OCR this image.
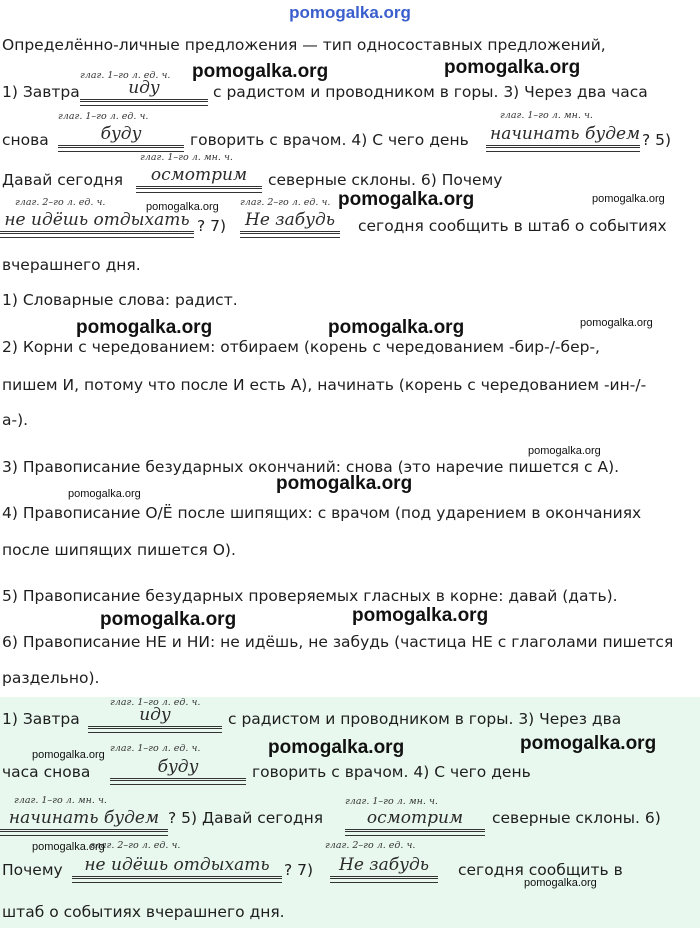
pomogalka.org
Определённо-личные предложения — тип односоставных предложений,
1) Завтра
глаг. 1–го л. ед. ч.
иду	с радистом и проводником в горы. 3) Через два часа
снова
глаг. 1–го л. ед. ч.
буду	говорить с врачом. 4) С чего день
глаг. 1–го л. мн. ч.
начинать будем ? 5)
Давай сегодня
глаг. 1–го л. мн. ч.
осмотрим	северные склоны. 6) Почему
глаг. 2–го л. ед. ч.
не идёшь отдыхать ? 7)
глаг. 2–го л. ед. ч.
Не забудь	сегодня сообщить в штаб о событиях
вчерашнего дня.
1) Словарные слова: радист.
2) Корни с чередованием: отбираем (корень с чередованием -бир-/-бер-,
пишем И, потому что после И есть А), начинать (корень с чередованием -ин-/-
а-).
3) Правописание безударных окончаний: снова (это наречие пишется с А).
4) Правописание О/Ё после шипящих: с врачом (под ударением в окончаниях
после шипящих пишется О).
5) Правописание безударных проверяемых гласных в корне: давай (дать).
6) Правописание НЕ и НИ: не идёшь, не забудь (частица НЕ с глаголами пишется
раздельно).
1) Завтра
глаг. 1–го л. ед. ч.
иду	с радистом и проводником в горы. 3) Через два
часа снова
глаг. 1–го л. ед. ч.
буду	говорить с врачом. 4) С чего день
глаг. 1–го л. мн. ч.
начинать будем ? 5) Давай сегодня
глаг. 1–го л. мн. ч.
осмотрим	северные склоны. 6)
Почему
глаг. 2–го л. ед. ч.
не идёшь отдыхать ? 7)
глаг. 2–го л. ед. ч.
Не забудь	сегодня сообщить в
штаб о событиях вчерашнего дня.
pomogalka.org	pomogalka.org
pomogalka.org	pomogalka.org	pomogalka.org
pomogalka.org	pomogalka.org	pomogalka.org
pomogalka.org
pomogalka.org
pomogalka.org
pomogalka.org	pomogalka.org
pomogalka.org	pomogalka.org	pomogalka.org
pomogalka.org
pomogalka.org
